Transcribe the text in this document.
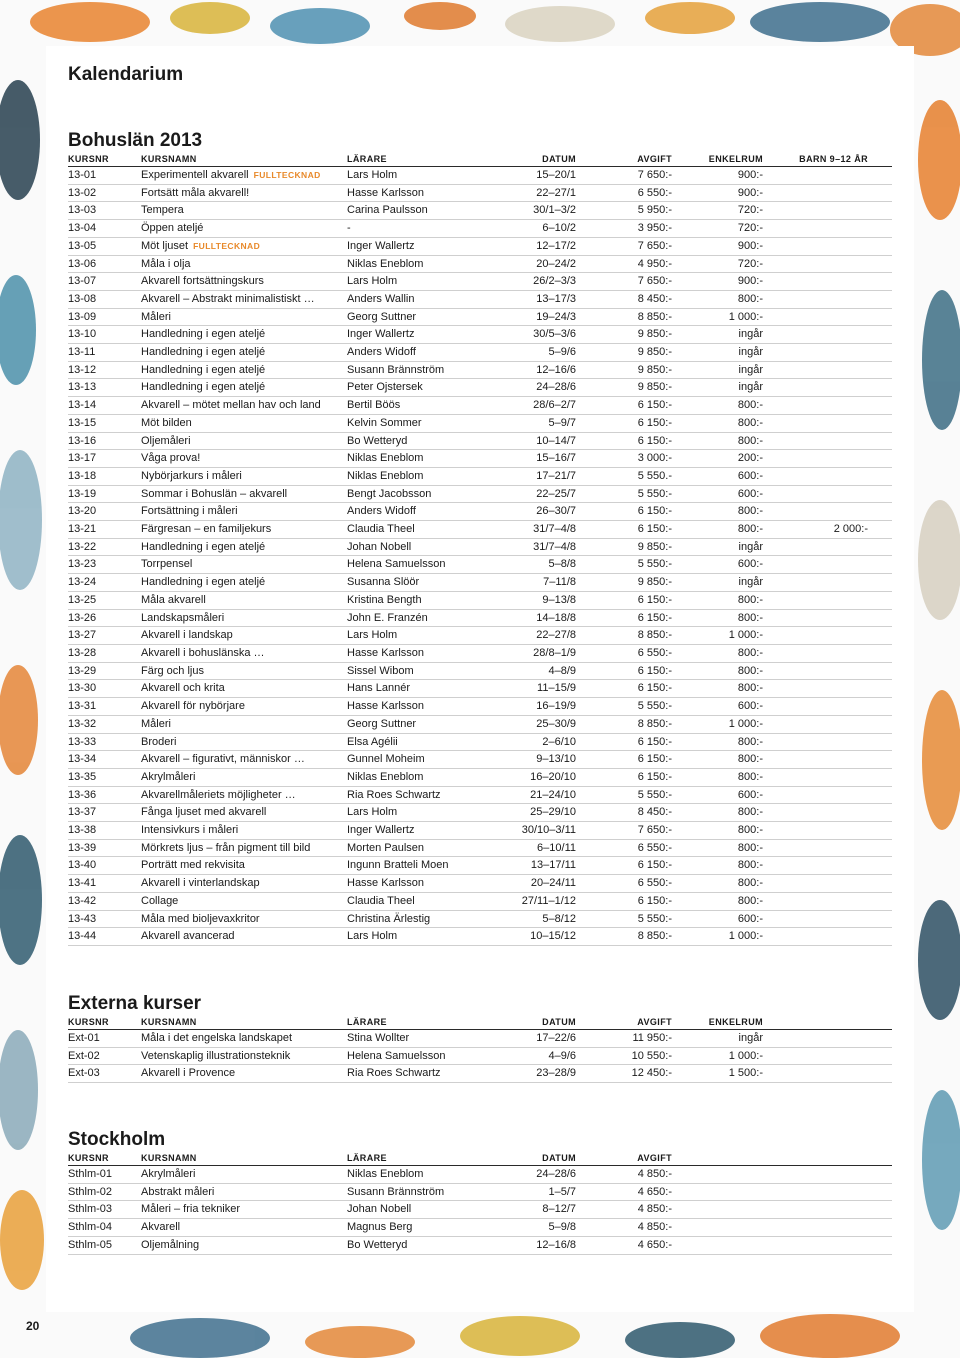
Kalendarium
Bohuslän 2013
KURSNR	KURSNAMN	LÄRARE	DATUM	AVGIFT	ENKELRUM	BARN 9–12 ÅR
13-01	Experimentell akvarell FULLTECKNAD	Lars Holm	15–20/1	7 650:-	900:-	
13-02	Fortsätt måla akvarell!	Hasse Karlsson	22–27/1	6 550:-	900:-	
13-03	Tempera	Carina Paulsson	30/1–3/2	5 950:-	720:-	
13-04	Öppen ateljé	-	6–10/2	3 950:-	720:-	
13-05	Möt ljuset FULLTECKNAD	Inger Wallertz	12–17/2	7 650:-	900:-	
13-06	Måla i olja	Niklas Eneblom	20–24/2	4 950:-	720:-	
13-07	Akvarell fortsättningskurs	Lars Holm	26/2–3/3	7 650:-	900:-	
13-08	Akvarell – Abstrakt minimalistiskt …	Anders Wallin	13–17/3	8 450:-	800:-	
13-09	Måleri	Georg Suttner	19–24/3	8 850:-	1 000:-	
13-10	Handledning i egen ateljé	Inger Wallertz	30/5–3/6	9 850:-	ingår	
13-11	Handledning i egen ateljé	Anders Widoff	5–9/6	9 850:-	ingår	
13-12	Handledning i egen ateljé	Susann Brännström	12–16/6	9 850:-	ingår	
13-13	Handledning i egen ateljé	Peter Ojstersek	24–28/6	9 850:-	ingår	
13-14	Akvarell – mötet mellan hav och land	Bertil Böös	28/6–2/7	6 150:-	800:-	
13-15	Möt bilden	Kelvin Sommer	5–9/7	6 150:-	800:-	
13-16	Oljemåleri	Bo Wetteryd	10–14/7	6 150:-	800:-	
13-17	Våga prova!	Niklas Eneblom	15–16/7	3 000:-	200:-	
13-18	Nybörjarkurs i måleri	Niklas Eneblom	17–21/7	5 550.-	600:-	
13-19	Sommar i Bohuslän – akvarell	Bengt Jacobsson	22–25/7	5 550:-	600:-	
13-20	Fortsättning i måleri	Anders Widoff	26–30/7	6 150:-	800:-	
13-21	Färgresan – en familjekurs	Claudia Theel	31/7–4/8	6 150:-	800:-	2 000:-
13-22	Handledning i egen ateljé	Johan Nobell	31/7–4/8	9 850:-	ingår	
13-23	Torrpensel	Helena Samuelsson	5–8/8	5 550:-	600:-	
13-24	Handledning i egen ateljé	Susanna Slöör	7–11/8	9 850:-	ingår	
13-25	Måla akvarell	Kristina Bength	9–13/8	6 150:-	800:-	
13-26	Landskapsmåleri	John E. Franzén	14–18/8	6 150:-	800:-	
13-27	Akvarell i landskap	Lars Holm	22–27/8	8 850:-	1 000:-	
13-28	Akvarell i bohuslänska …	Hasse Karlsson	28/8–1/9	6 550:-	800:-	
13-29	Färg och ljus	Sissel Wibom	4–8/9	6 150:-	800:-	
13-30	Akvarell och krita	Hans Lannér	11–15/9	6 150:-	800:-	
13-31	Akvarell för nybörjare	Hasse Karlsson	16–19/9	5 550:-	600:-	
13-32	Måleri	Georg Suttner	25–30/9	8 850:-	1 000:-	
13-33	Broderi	Elsa Agélii	2–6/10	6 150:-	800:-	
13-34	Akvarell – figurativt, människor …	Gunnel Moheim	9–13/10	6 150:-	800:-	
13-35	Akrylmåleri	Niklas Eneblom	16–20/10	6 150:-	800:-	
13-36	Akvarellmåleriets möjligheter …	Ria Roes Schwartz	21–24/10	5 550:-	600:-	
13-37	Fånga ljuset med akvarell	Lars Holm	25–29/10	8 450:-	800:-	
13-38	Intensivkurs i måleri	Inger Wallertz	30/10–3/11	7 650:-	800:-	
13-39	Mörkrets ljus – från pigment till bild	Morten Paulsen	6–10/11	6 550:-	800:-	
13-40	Porträtt med rekvisita	Ingunn Bratteli Moen	13–17/11	6 150:-	800:-	
13-41	Akvarell i vinterlandskap	Hasse Karlsson	20–24/11	6 550:-	800:-	
13-42	Collage	Claudia Theel	27/11–1/12	6 150:-	800:-	
13-43	Måla med bioljevaxkritor	Christina Ärlestig	5–8/12	5 550:-	600:-	
13-44	Akvarell avancerad	Lars Holm	10–15/12	8 850:-	1 000:-	
Externa kurser
KURSNR	KURSNAMN	LÄRARE	DATUM	AVGIFT	ENKELRUM	
Ext-01	Måla i det engelska landskapet	Stina Wollter	17–22/6	11 950:-	ingår	
Ext-02	Vetenskaplig illustrationsteknik	Helena Samuelsson	4–9/6	10 550:-	1 000:-	
Ext-03	Akvarell i Provence	Ria Roes Schwartz	23–28/9	12 450:-	1 500:-	
Stockholm
KURSNR	KURSNAMN	LÄRARE	DATUM	AVGIFT		
Sthlm-01	Akrylmåleri	Niklas Eneblom	24–28/6	4 850:-		
Sthlm-02	Abstrakt måleri	Susann Brännström	1–5/7	4 650:-		
Sthlm-03	Måleri – fria tekniker	Johan Nobell	8–12/7	4 850:-		
Sthlm-04	Akvarell	Magnus Berg	5–9/8	4 850:-		
Sthlm-05	Oljemålning	Bo Wetteryd	12–16/8	4 650:-		
20
